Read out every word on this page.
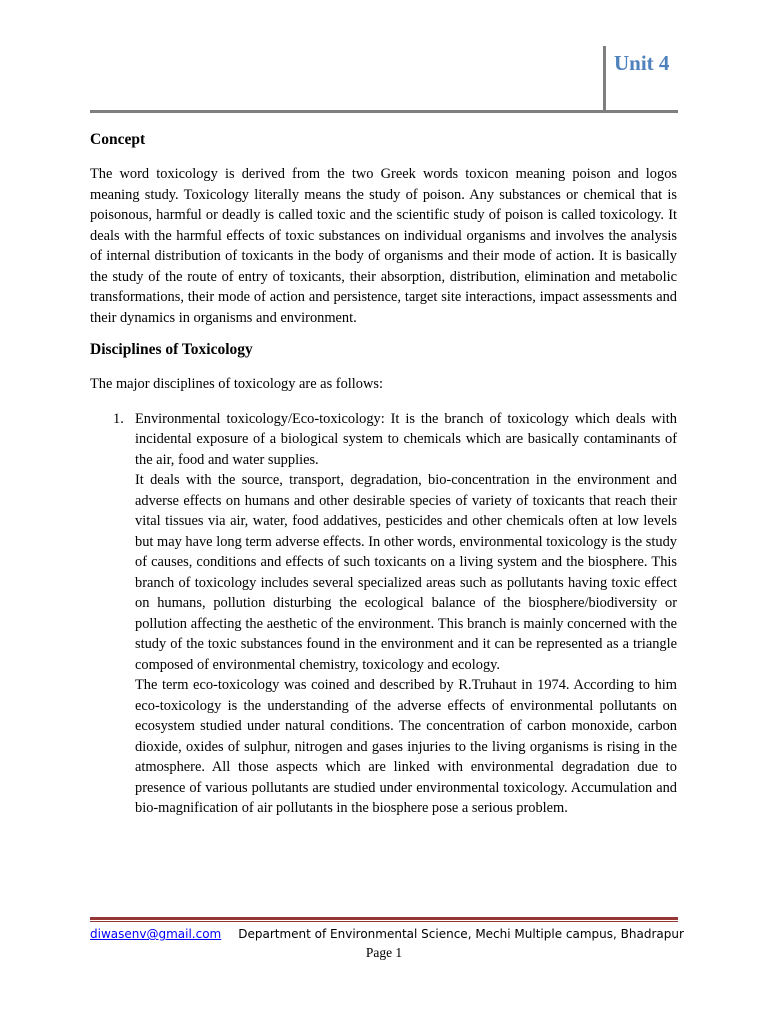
Unit 4
Concept

The word toxicology is derived from the two Greek words toxicon meaning poison and logos meaning study. Toxicology literally means the study of poison. Any substances or chemical that is poisonous, harmful or deadly is called toxic and the scientific study of poison is called toxicology. It deals with the harmful effects of toxic substances on individual organisms and involves the analysis of internal distribution of toxicants in the body of organisms and their mode of action. It is basically the study of the route of entry of toxicants, their absorption, distribution, elimination and metabolic transformations, their mode of action and persistence, target site interactions, impact assessments and their dynamics in organisms and environment.

Disciplines of Toxicology

The major disciplines of toxicology are as follows:

1. Environmental toxicology/Eco-toxicology: It is the branch of toxicology which deals with incidental exposure of a biological system to chemicals which are basically contaminants of the air, food and water supplies.

It deals with the source, transport, degradation, bio-concentration in the environment and adverse effects on humans and other desirable species of variety of toxicants that reach their vital tissues via air, water, food addatives, pesticides and other chemicals often at low levels but may have long term adverse effects. In other words, environmental toxicology is the study of causes, conditions and effects of such toxicants on a living system and the biosphere. This branch of toxicology includes several specialized areas such as pollutants having toxic effect on humans, pollution disturbing the ecological balance of the biosphere/biodiversity or pollution affecting the aesthetic of the environment. This branch is mainly concerned with the study of the toxic substances found in the environment and it can be represented as a triangle composed of environmental chemistry, toxicology and ecology.

The term eco-toxicology was coined and described by R.Truhaut in 1974. According to him eco-toxicology is the understanding of the adverse effects of environmental pollutants on ecosystem studied under natural conditions. The concentration of carbon monoxide, carbon dioxide, oxides of sulphur, nitrogen and gases injuries to the living organisms is rising in the atmosphere. All those aspects which are linked with environmental degradation due to presence of various pollutants are studied under environmental toxicology. Accumulation and bio-magnification of air pollutants in the biosphere pose a serious problem.

diwasenv@gmail.com Department of Environmental Science, Mechi Multiple campus, Bhadrapur
Page 1
